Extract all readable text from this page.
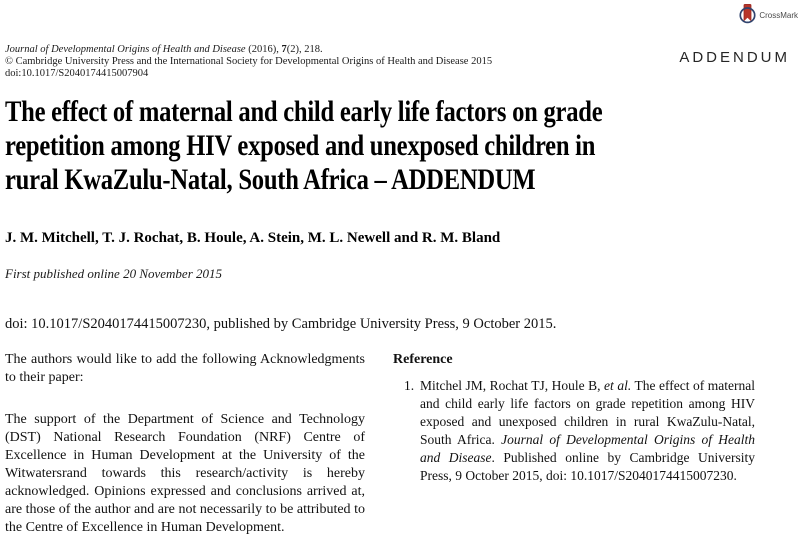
CrossMark
Journal of Developmental Origins of Health and Disease (2016), 7(2), 218.
© Cambridge University Press and the International Society for Developmental Origins of Health and Disease 2015
doi:10.1017/S2040174415007904
ADDENDUM
The effect of maternal and child early life factors on grade
repetition among HIV exposed and unexposed children in
rural KwaZulu-Natal, South Africa – ADDENDUM
J. M. Mitchell, T. J. Rochat, B. Houle, A. Stein, M. L. Newell and R. M. Bland
First published online 20 November 2015
doi: 10.1017/S2040174415007230, published by Cambridge University Press, 9 October 2015.

The authors would like to add the following Acknowledgments to their paper:

The support of the Department of Science and Technology (DST) National Research Foundation (NRF) Centre of Excellence in Human Development at the University of the Witwatersrand towards this research/activity is hereby acknowledged. Opinions expressed and conclusions arrived at, are those of the author and are not necessarily to be attributed to the Centre of Excellence in Human Development.

Reference

1. Mitchel JM, Rochat TJ, Houle B, et al. The effect of maternal and child early life factors on grade repetition among HIV exposed and unexposed children in rural KwaZulu-Natal, South Africa. Journal of Developmental Origins of Health and Disease. Published online by Cambridge University Press, 9 October 2015, doi: 10.1017/S2040174415007230.
